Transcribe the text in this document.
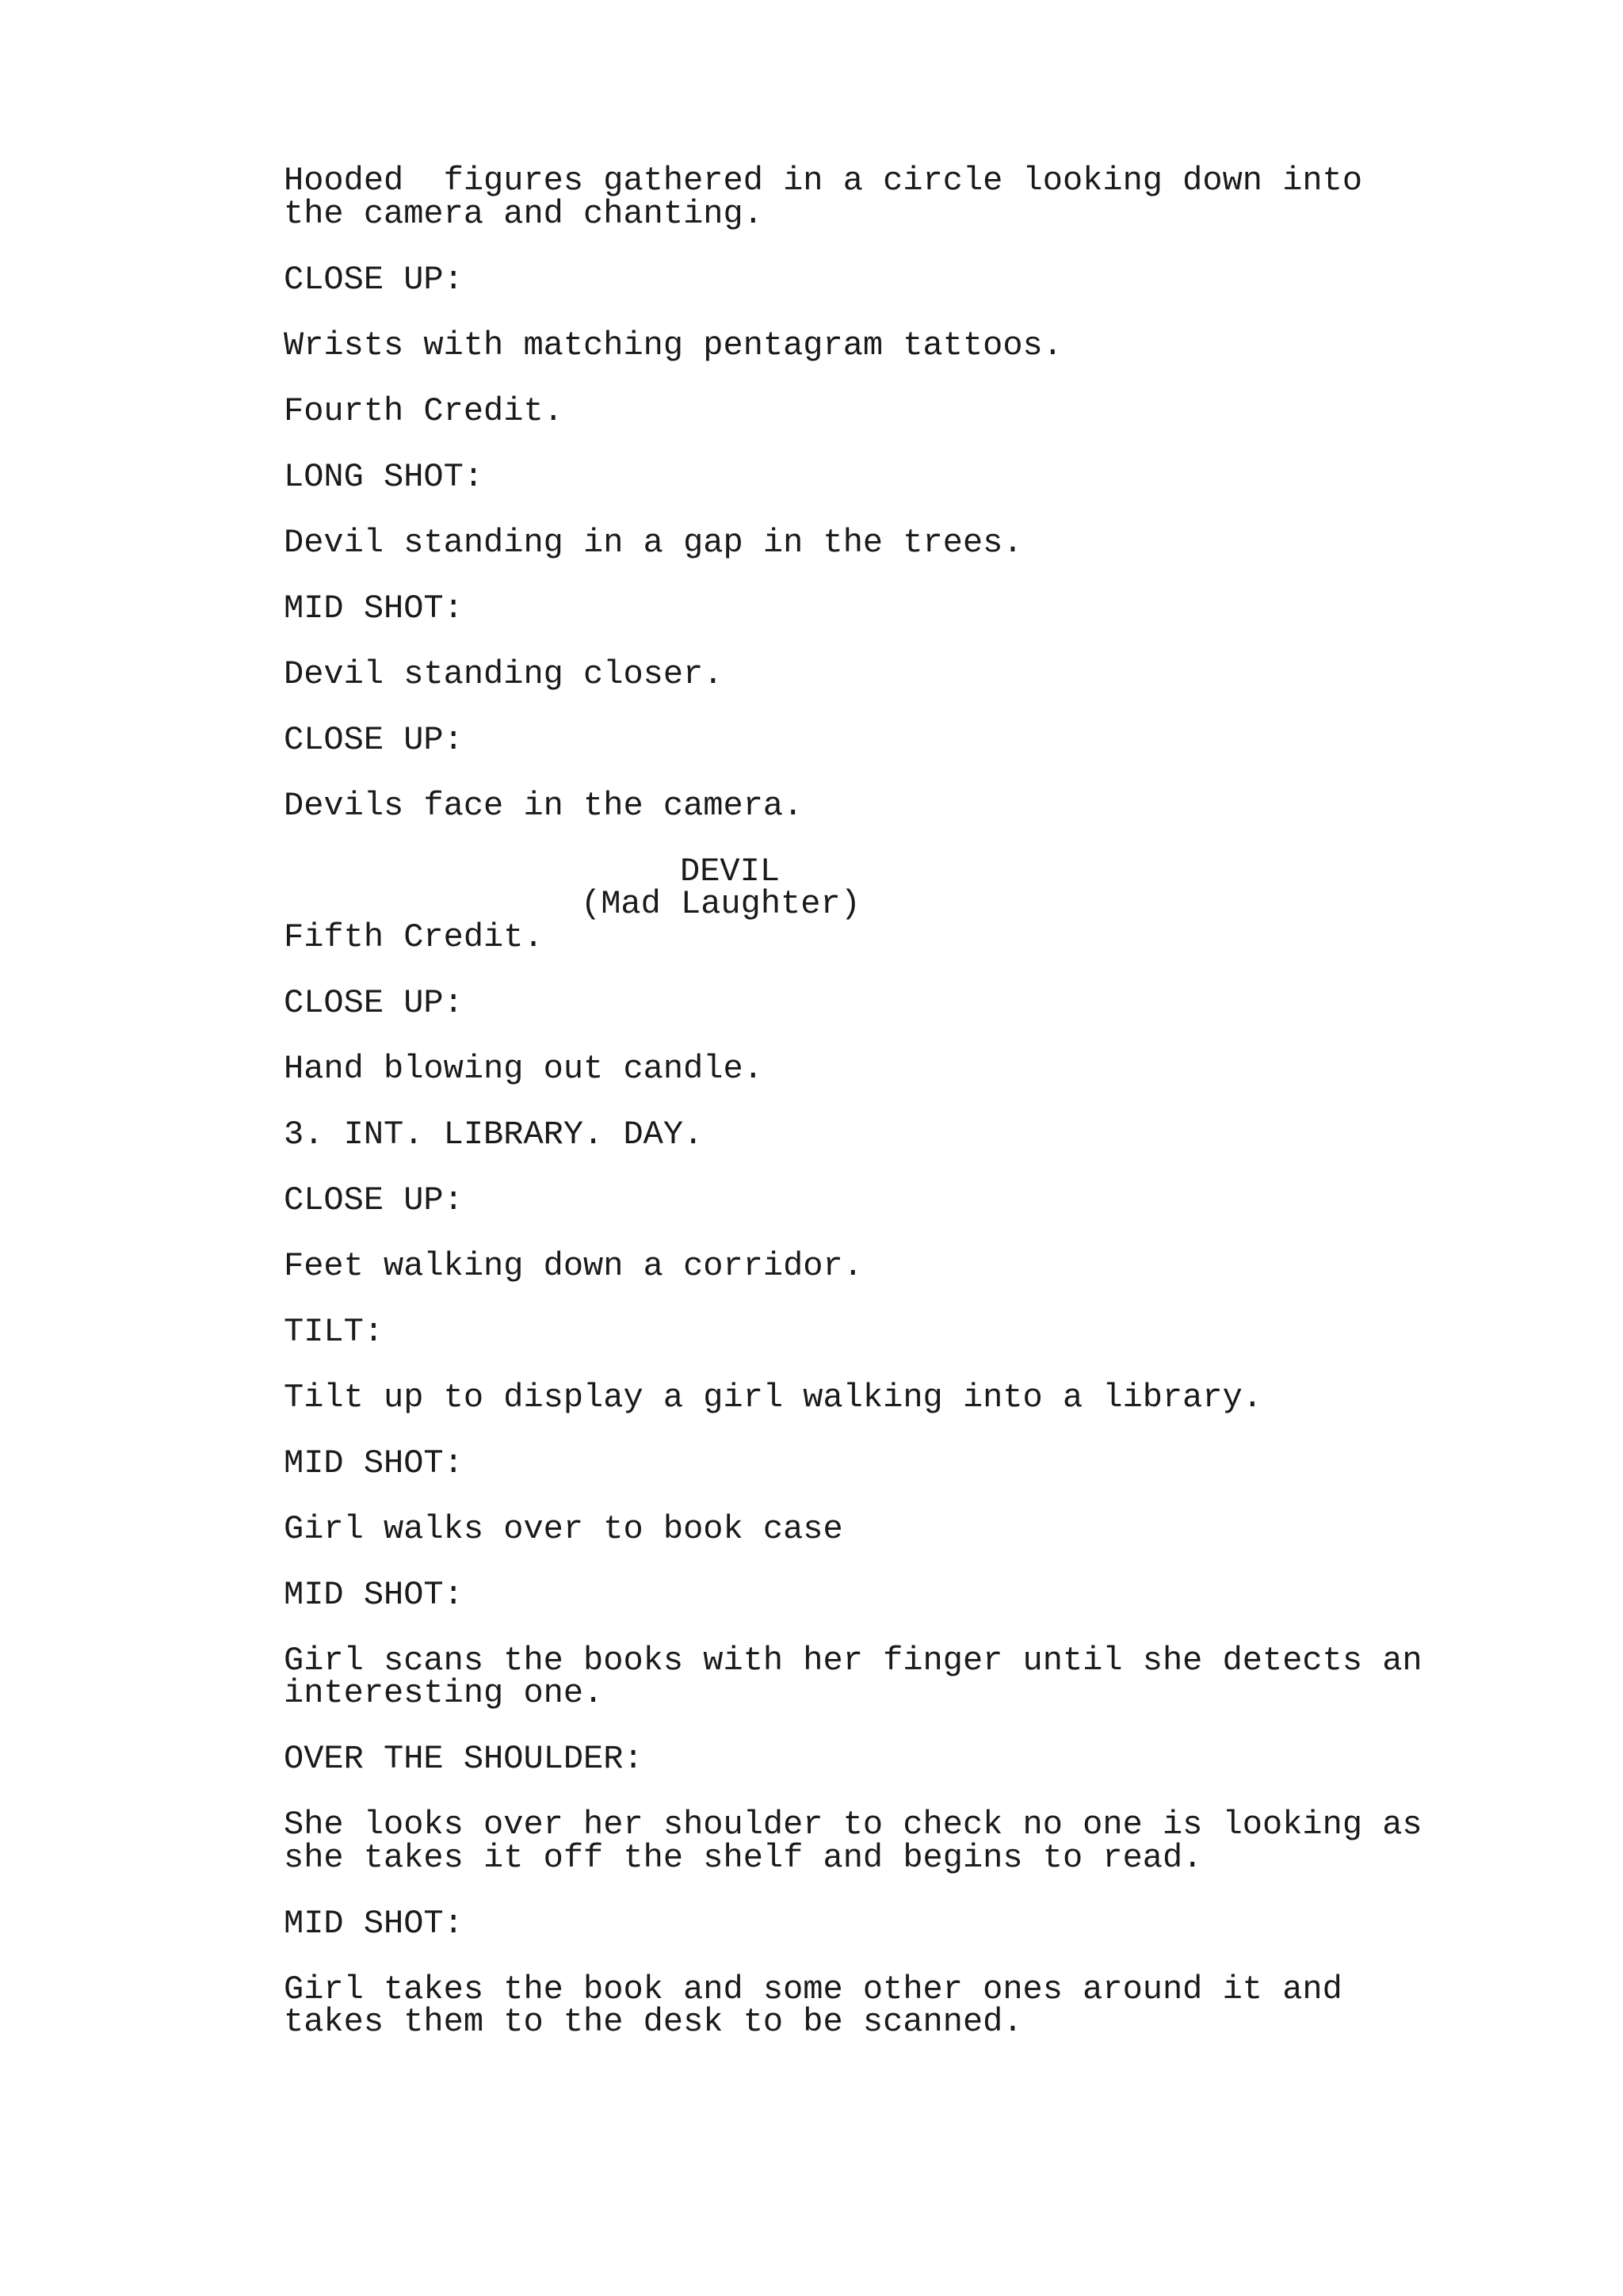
Hooded  figures gathered in a circle looking down into
the camera and chanting.
CLOSE UP:
Wrists with matching pentagram tattoos.
Fourth Credit.
LONG SHOT:
Devil standing in a gap in the trees.
MID SHOT:
Devil standing closer.
CLOSE UP:
Devils face in the camera.
DEVIL
(Mad Laughter)
Fifth Credit.
CLOSE UP:
Hand blowing out candle.
3. INT. LIBRARY. DAY.
CLOSE UP:
Feet walking down a corridor.
TILT:
Tilt up to display a girl walking into a library.
MID SHOT:
Girl walks over to book case
MID SHOT:
Girl scans the books with her finger until she detects an
interesting one.
OVER THE SHOULDER:
She looks over her shoulder to check no one is looking as
she takes it off the shelf and begins to read.
MID SHOT:
Girl takes the book and some other ones around it and
takes them to the desk to be scanned.
